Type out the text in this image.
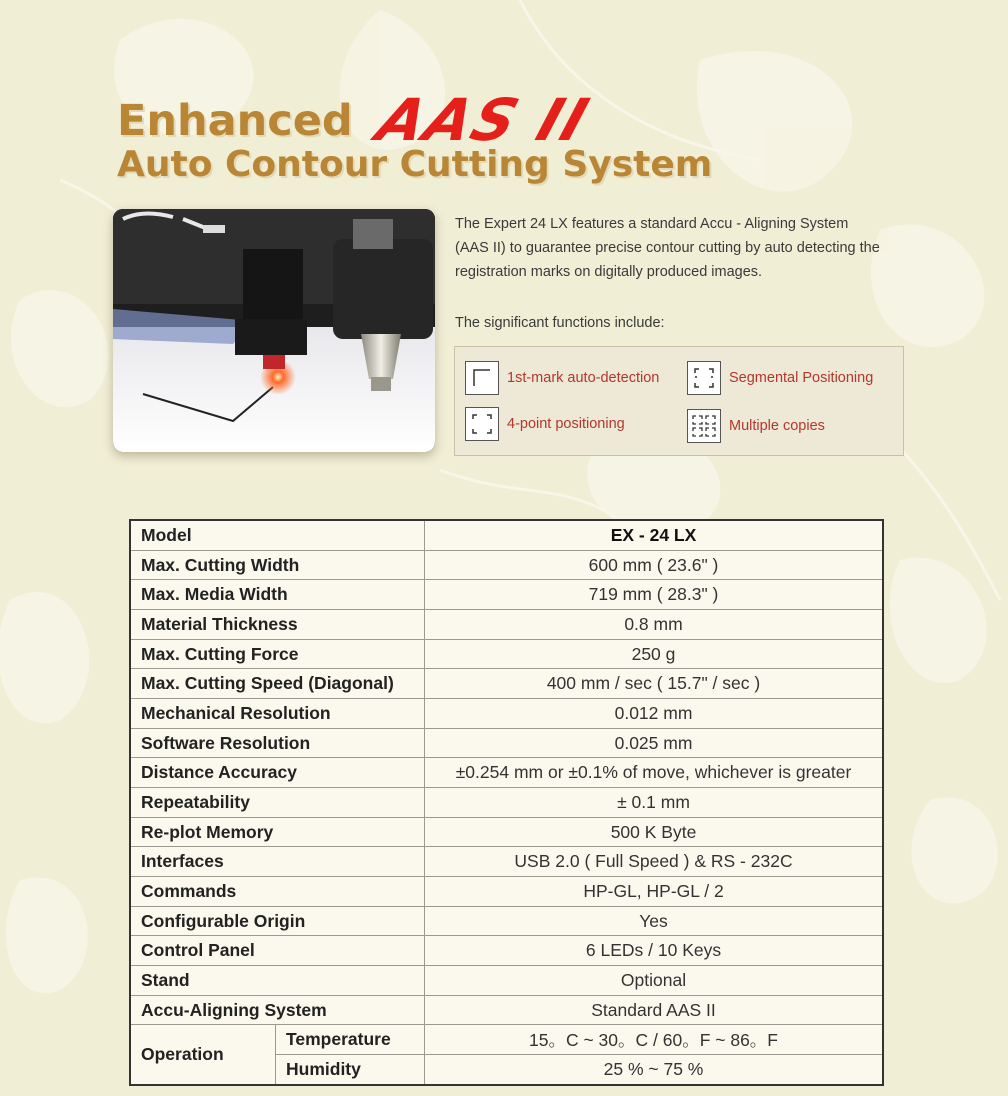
Enhanced AAS II
Auto Contour Cutting System
The Expert 24 LX features a standard Accu - Aligning System (AAS II) to guarantee precise contour cutting by auto detecting the registration marks on digitally produced images.
The significant functions include:
1st-mark auto-detection	Segmental Positioning
4-point positioning	Multiple copies
Model		EX - 24 LX
Max. Cutting Width		600 mm ( 23.6" )
Max. Media Width		719 mm ( 28.3" )
Material Thickness		0.8 mm
Max. Cutting Force		250 g
Max. Cutting Speed (Diagonal)		400 mm / sec ( 15.7" / sec )
Mechanical Resolution		0.012 mm
Software Resolution		0.025 mm
Distance Accuracy		±0.254 mm or ±0.1% of move, whichever is greater
Repeatability		± 0.1 mm
Re-plot Memory		500 K Byte
Interfaces		USB 2.0 ( Full Speed ) & RS - 232C
Commands		HP-GL, HP-GL / 2
Configurable Origin		Yes
Control Panel		6 LEDs / 10 Keys
Stand		Optional
Accu-Aligning System		Standard AAS II
Operation	Temperature	15。C ~ 30。C / 60。F ~ 86。F
	Humidity	25 % ~ 75 %
